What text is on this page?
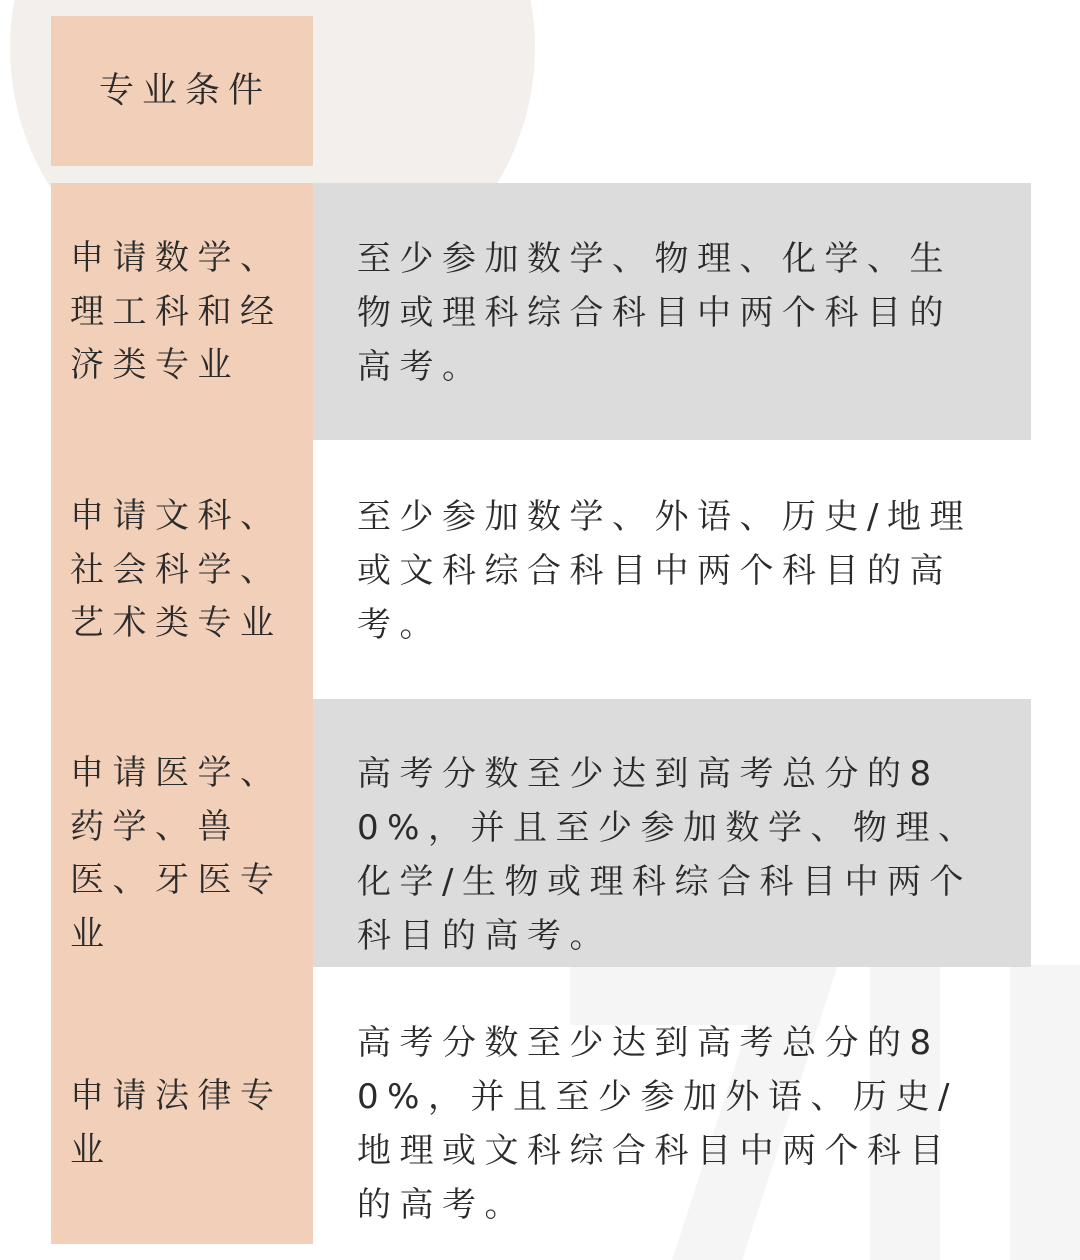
专业条件
申请数学、理工科和经济类专业
至少参加数学、物理、化学、生物或理科综合科目中两个科目的高考。
申请文科、社会科学、艺术类专业
至少参加数学、外语、历史/地理或文科综合科目中两个科目的高考。
申请医学、药学、兽医、牙医专业
高考分数至少达到高考总分的80%，并且至少参加数学、物理、化学/生物或理科综合科目中两个科目的高考。
申请法律专业
高考分数至少达到高考总分的80%，并且至少参加外语、历史/地理或文科综合科目中两个科目的高考。
